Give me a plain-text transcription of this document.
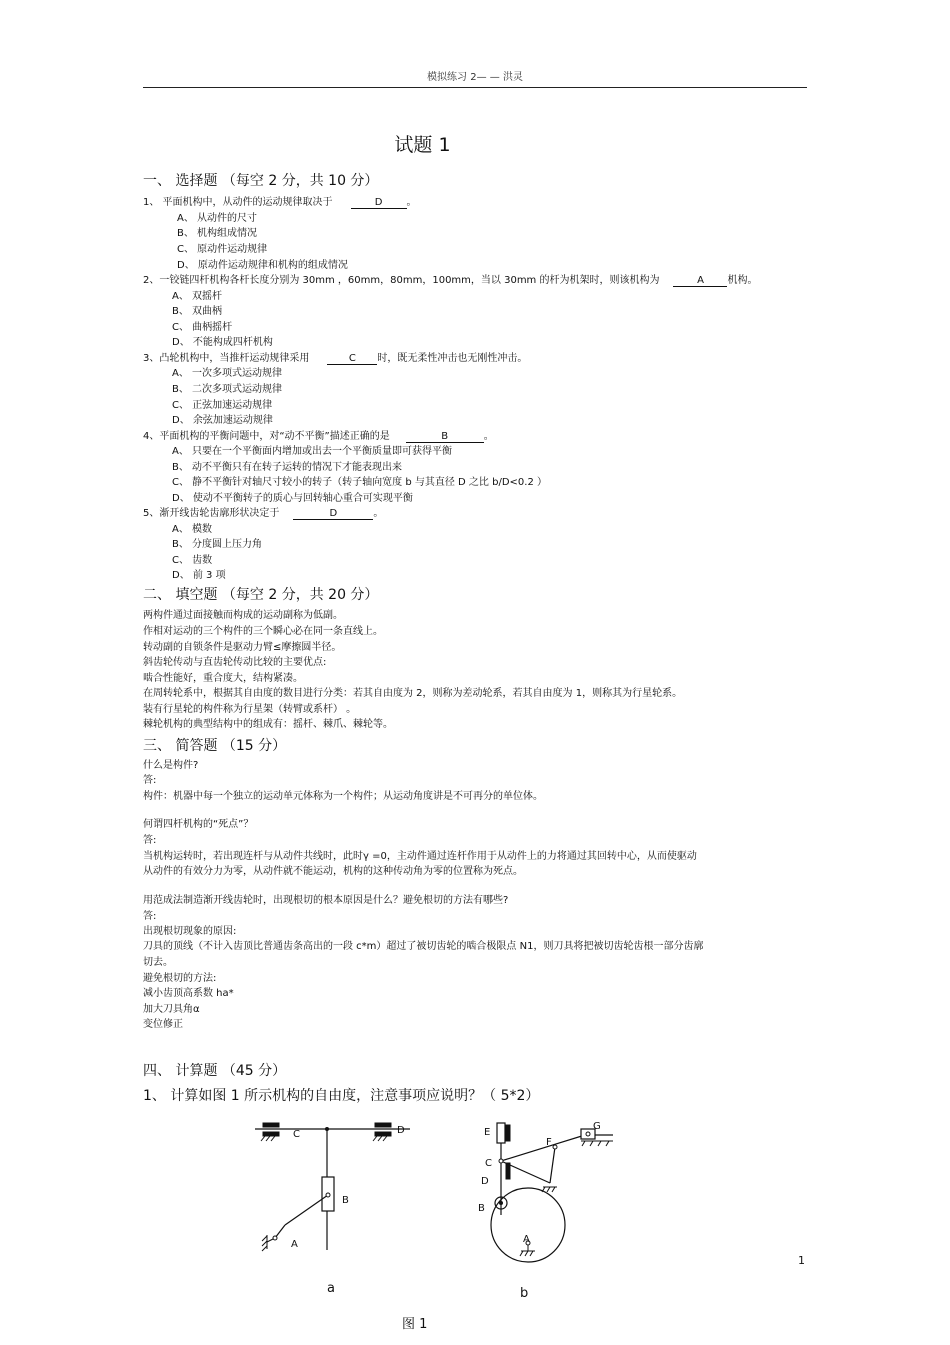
模拟练习 2— — 洪灵
试题 1
一、 选择题 （每空 2 分，共 10 分）
1、 平面机构中，从动件的运动规律取决于	D 。
A、 从动件的尺寸
B、 机构组成情况
C、 原动件运动规律
D、 原动件运动规律和机构的组成情况
2、一铰链四杆机构各杆长度分别为 30mm ，60mm，80mm，100mm，当以 30mm 的杆为机架时，则该机构为	A 机构。
A、 双摇杆
B、 双曲柄
C、 曲柄摇杆
D、 不能构成四杆机构
3、凸轮机构中，当推杆运动规律采用	C 时，既无柔性冲击也无刚性冲击。
A、 一次多项式运动规律
B、 二次多项式运动规律
C、 正弦加速运动规律
D、 余弦加速运动规律
4、平面机构的平衡问题中，对“动不平衡”描述正确的是	B	。
A、 只要在一个平衡面内增加或出去一个平衡质量即可获得平衡
B、 动不平衡只有在转子运转的情况下才能表现出来
C、 静不平衡针对轴尺寸较小的转子（转子轴向宽度 b 与其直径 D 之比 b/D<0.2 ）
D、 使动不平衡转子的质心与回转轴心重合可实现平衡
5、渐开线齿轮齿廓形状决定于	D	。
A、 模数
B、 分度圆上压力角
C、 齿数
D、 前 3 项
二、 填空题 （每空 2 分，共 20 分）
两构件通过面接触而构成的运动副称为低副。
作相对运动的三个构件的三个瞬心必在同一条直线上。
转动副的自锁条件是驱动力臂≤摩擦圆半径。
斜齿轮传动与直齿轮传动比较的主要优点:
啮合性能好，重合度大，结构紧凑。
在周转轮系中，根据其自由度的数目进行分类：若其自由度为 2，则称为差动轮系，若其自由度为 1，则称其为行星轮系。
装有行星轮的构件称为行星架（转臂或系杆） 。
棘轮机构的典型结构中的组成有：摇杆、棘爪、棘轮等。
三、 简答题 （15 分）
什么是构件?
答:
构件：机器中每一个独立的运动单元体称为一个构件；从运动角度讲是不可再分的单位体。
何谓四杆机构的“死点”？
答:
当机构运转时，若出现连杆与从动件共线时，此时γ =0，主动件通过连杆作用于从动件上的力将通过其回转中心，从而使驱动
从动件的有效分力为零，从动件就不能运动，机构的这种传动角为零的位置称为死点。
用范成法制造渐开线齿轮时，出现根切的根本原因是什么？避免根切的方法有哪些?
答:
出现根切现象的原因:
刀具的顶线（不计入齿顶比普通齿条高出的一段 c*m）超过了被切齿轮的啮合极限点 N1，则刀具将把被切齿轮齿根一部分齿廓
切去。
避免根切的方法:
减小齿顶高系数 ha*
加大刀具角α
变位修正
四、 计算题 （45 分）
1、 计算如图 1 所示机构的自由度，注意事项应说明？（ 5*2）
C	D
B
A
E
G
F
C
D
B
A
1
a	b
图 1
